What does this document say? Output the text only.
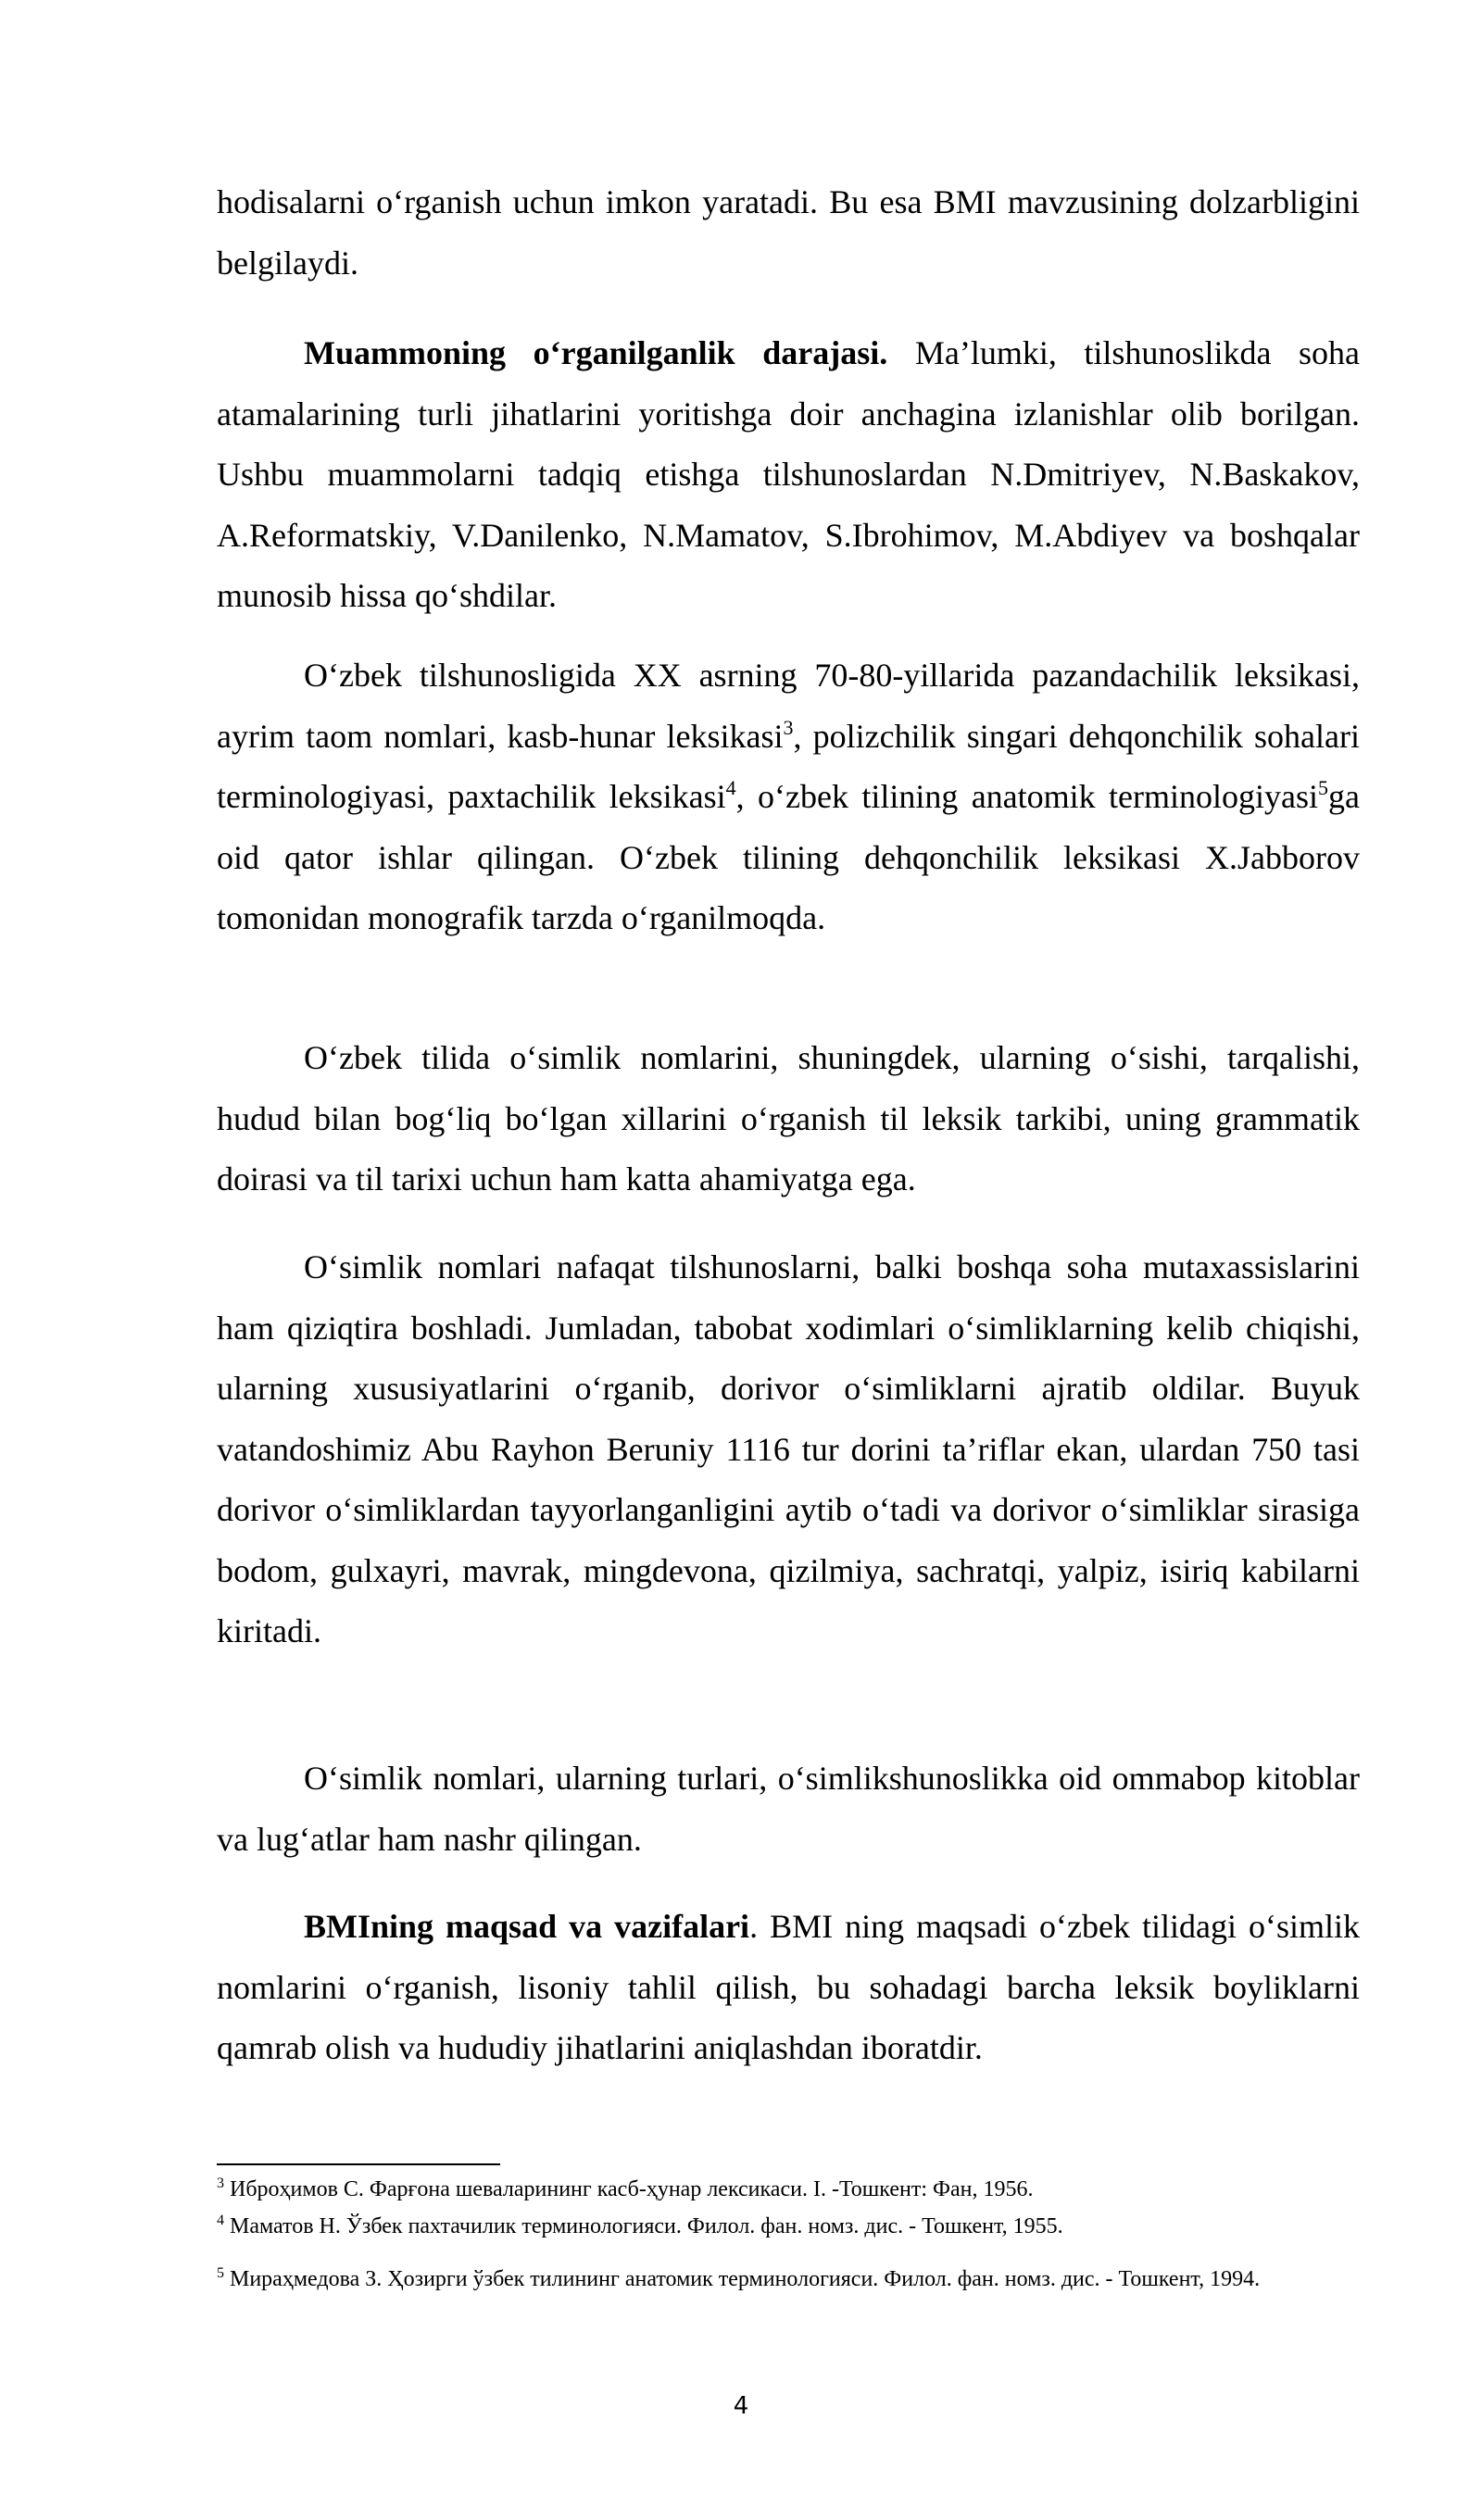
hodisalarni oʻrganish uchun imkon yaratadi. Bu esa BMI mavzusining dolzarbligini belgilaydi.
Muammoning oʻrganilganlik darajasi. Ma’lumki, tilshunoslikda soha atamalarining turli jihatlarini yoritishga doir anchagina izlanishlar olib borilgan. Ushbu muammolarni tadqiq etishga tilshunoslardan N.Dmitriyev, N.Baskakov, A.Reformatskiy, V.Danilenko, N.Mamatov, S.Ibrohimov, M.Abdiyev va boshqalar munosib hissa qoʻshdilar.
Oʻzbek tilshunosligida XX asrning 70-80-yillarida pazandachilik leksikasi, ayrim taom nomlari, kasb-hunar leksikasi$^3$, polizchilik singari dehqonchilik sohalari terminologiyasi, paxtachilik leksikasi$^4$, oʻzbek tilining anatomik terminologiyasi$^5$ga oid qator ishlar qilingan. Oʻzbek tilining dehqonchilik leksikasi X.Jabborov tomonidan monografik tarzda oʻrganilmoqda.
Oʻzbek tilida oʻsimlik nomlarini, shuningdek, ularning oʻsishi, tarqalishi, hudud bilan bogʻliq boʻlgan xillarini oʻrganish til leksik tarkibi, uning grammatik doirasi va til tarixi uchun ham katta ahamiyatga ega.
Oʻsimlik nomlari nafaqat tilshunoslarni, balki boshqa soha mutaxassislarini ham qiziqtira boshladi. Jumladan, tabobat xodimlari oʻsimliklarning kelib chiqishi, ularning xususiyatlarini oʻrganib, dorivor oʻsimliklarni ajratib oldilar. Buyuk vatandoshimiz Abu Rayhon Beruniy 1116 tur dorini ta’riflar ekan, ulardan 750 tasi dorivor oʻsimliklardan tayyorlanganligini aytib oʻtadi va dorivor oʻsimliklar sirasiga bodom, gulxayri, mavrak, mingdevona, qizilmiya, sachratqi, yalpiz, isiriq kabilarni kiritadi.
Oʻsimlik nomlari, ularning turlari, oʻsimlikshunoslikka oid ommabop kitoblar va lugʻatlar ham nashr qilingan.
BMIning maqsad va vazifalari. BMI ning maqsadi oʻzbek tilidagi oʻsimlik nomlarini oʻrganish, lisoniy tahlil qilish, bu sohadagi barcha leksik boyliklarni qamrab olish va hududiy jihatlarini aniqlashdan iboratdir.
$^3$ Иброҳимов С. Фарғона шеваларининг касб-ҳунар лексикаси. I. -Тошкент: Фан, 1956.
$^4$ Маматов Н. Ўзбек пахтачилик терминологияси. Филол. фан. номз. дис. - Тошкент, 1955.
$^5$ Мираҳмедова З. Ҳозирги ўзбек тилининг анатомик терминологияси. Филол. фан. номз. дис. - Тошкент, 1994.
4
